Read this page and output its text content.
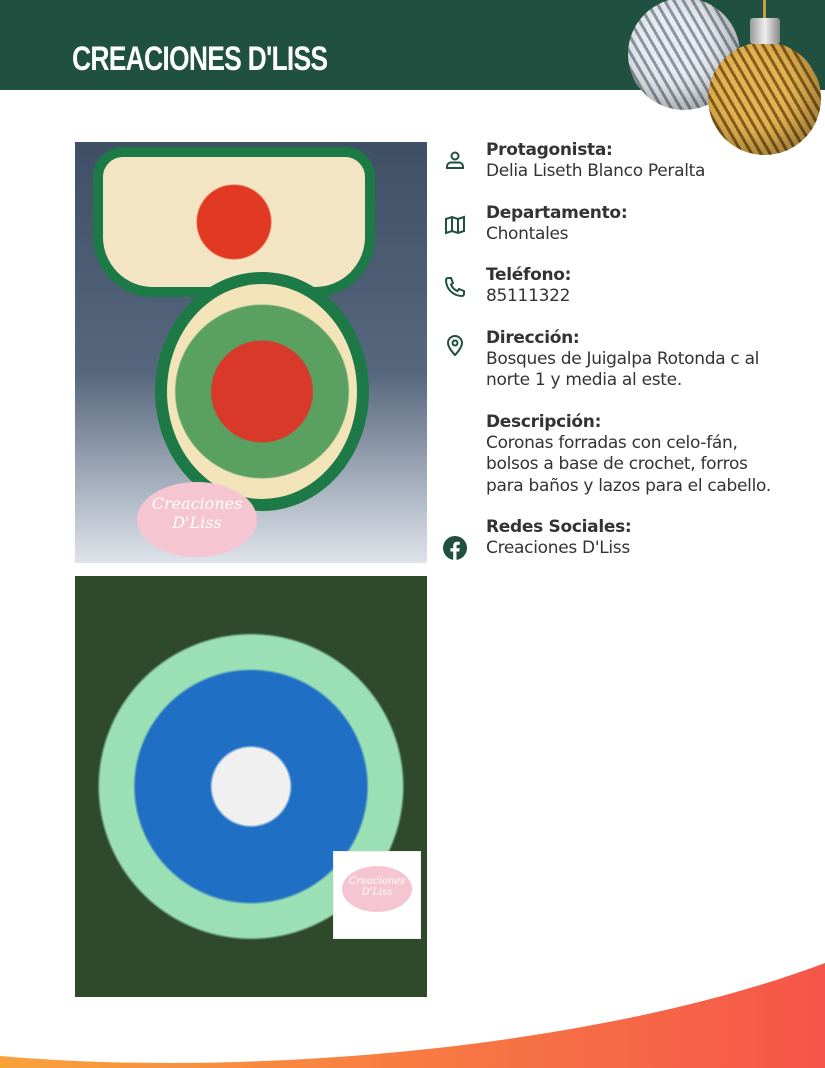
CREACIONES D'LISS
Creaciones D'Liss
Creaciones D'Liss
Protagonista:
Delia Liseth Blanco Peralta
Departamento:
Chontales
Teléfono:
85111322
Dirección:
Bosques de Juigalpa Rotonda c al norte 1 y media al este.
Descripción:
Coronas forradas con celo-fán, bolsos a base de crochet, forros para baños y lazos para el cabello.
Redes Sociales:
Creaciones D'Liss
